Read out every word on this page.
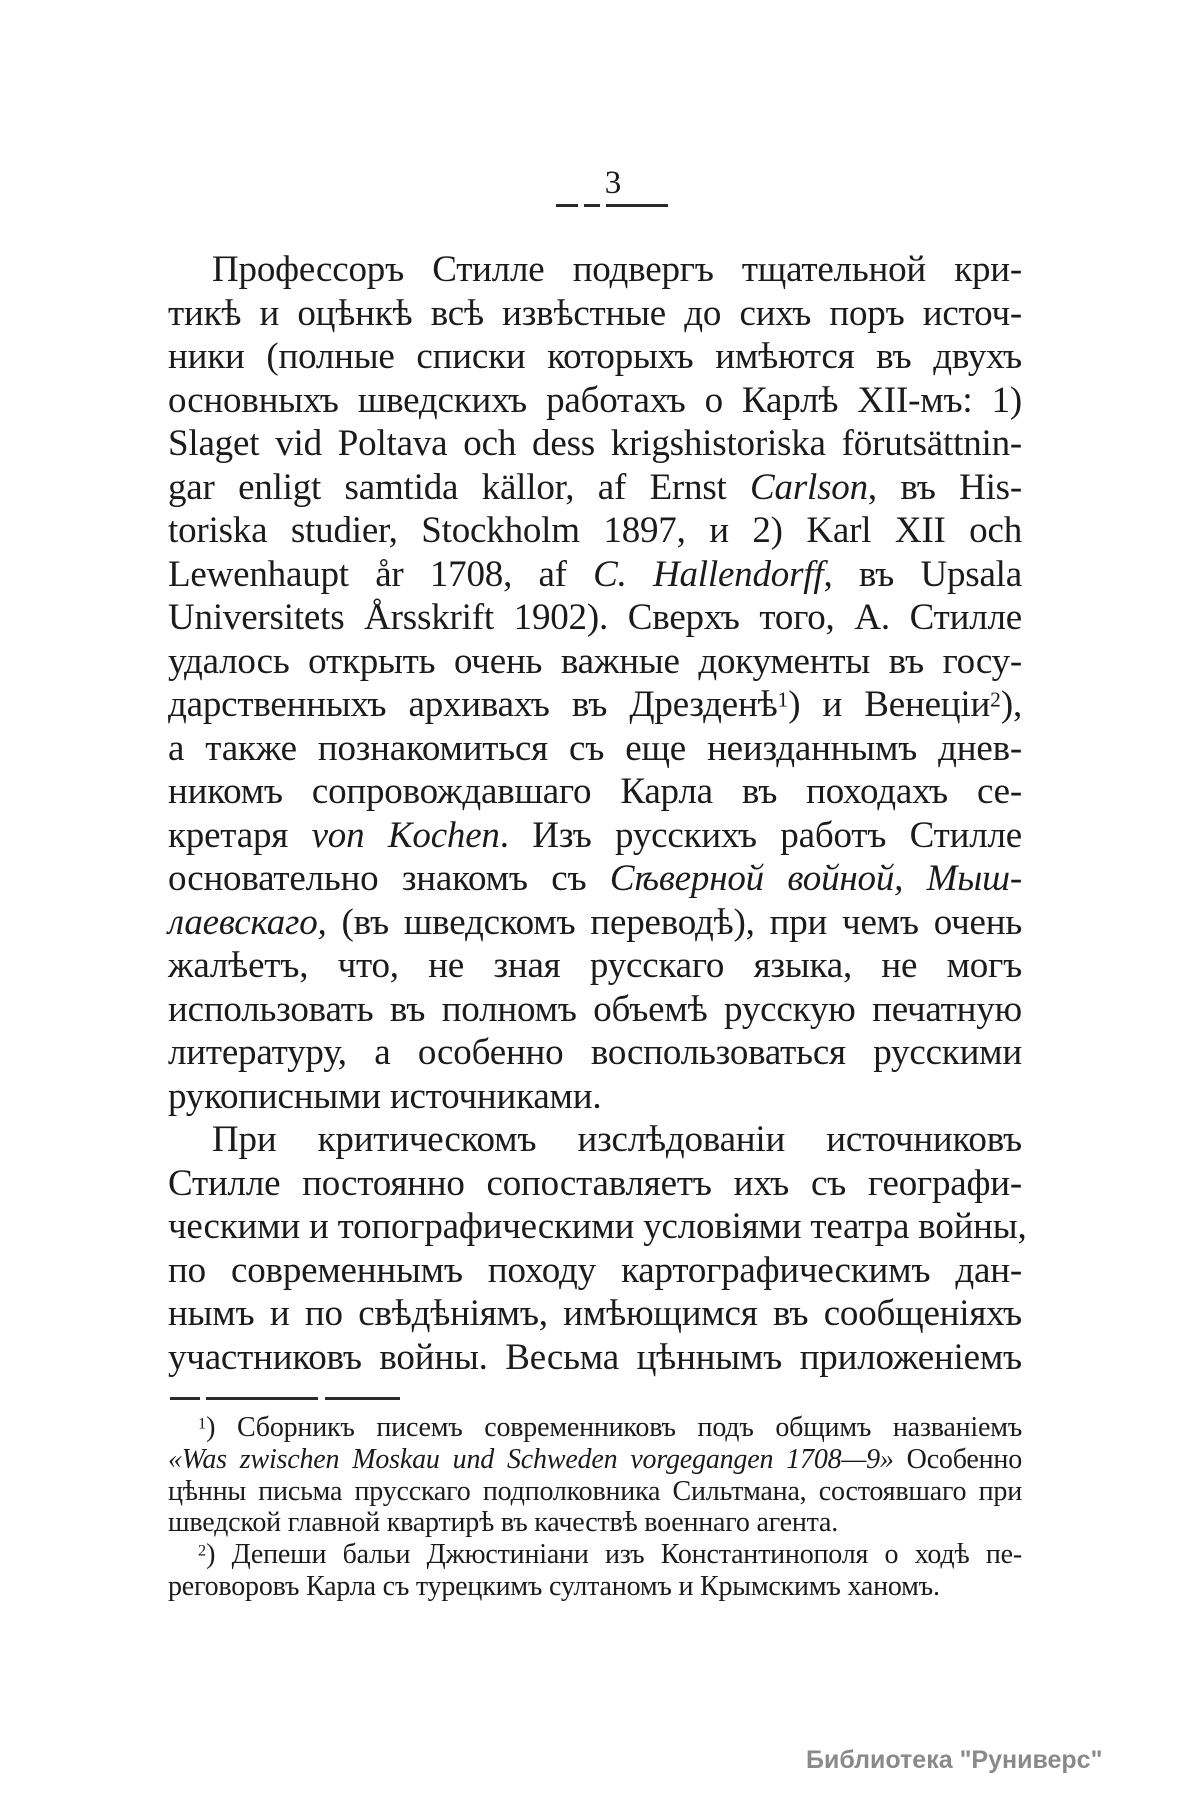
3
Профессоръ Стилле подвергъ тщательной кри-
тикѣ и оцѣнкѣ всѣ извѣстные до сихъ поръ источ-
ники (полные списки которыхъ имѣются въ двухъ
основныхъ шведскихъ работахъ о Карлѣ XII-мъ: 1)
Slaget vid Poltava och dess krigshistoriska förutsättnin-
gar enligt samtida källor, af Ernst Carlson, въ His-
toriska studier, Stockholm 1897, и 2) Karl XII och
Lewenhaupt år 1708, af C. Hallendorff, въ Upsala
Universitets Årsskrift 1902). Сверхъ того, А. Стилле
удалось открыть очень важные документы въ госу-
дарственныхъ архивахъ въ Дрезденѣ$^1$) и Венеціи$^2$),
а также познакомиться съ еще неизданнымъ днев-
никомъ сопровождавшаго Карла въ походахъ се-
кретаря von Kochen. Изъ русскихъ работъ Стилле
основательно знакомъ съ Сѣверной войной, Мыш-
лаевскаго, (въ шведскомъ переводѣ), при чемъ очень
жалѣетъ, что, не зная русскаго языка, не могъ
использовать въ полномъ объемѣ русскую печатную
литературу, а особенно воспользоваться русскими
рукописными источниками.
При критическомъ изслѣдованіи источниковъ
Стилле постоянно сопоставляетъ ихъ съ географи-
ческими и топографическими условіями театра войны,
по современнымъ походу картографическимъ дан-
нымъ и по свѣдѣніямъ, имѣющимся въ сообщеніяхъ
участниковъ войны. Весьма цѣннымъ приложеніемъ
$^1$) Сборникъ писемъ современниковъ подъ общимъ названіемъ
«Was zwischen Moskau und Schweden vorgegangen 1708—9» Особенно
цѣнны письма прусскаго подполковника Сильтмана, состоявшаго при
шведской главной квартирѣ въ качествѣ военнаго агента.
$^2$) Депеши бальи Джюстиніани изъ Константинополя о ходѣ пе-
реговоровъ Карла съ турецкимъ султаномъ и Крымскимъ ханомъ.
Библиотека "Руниверс"
